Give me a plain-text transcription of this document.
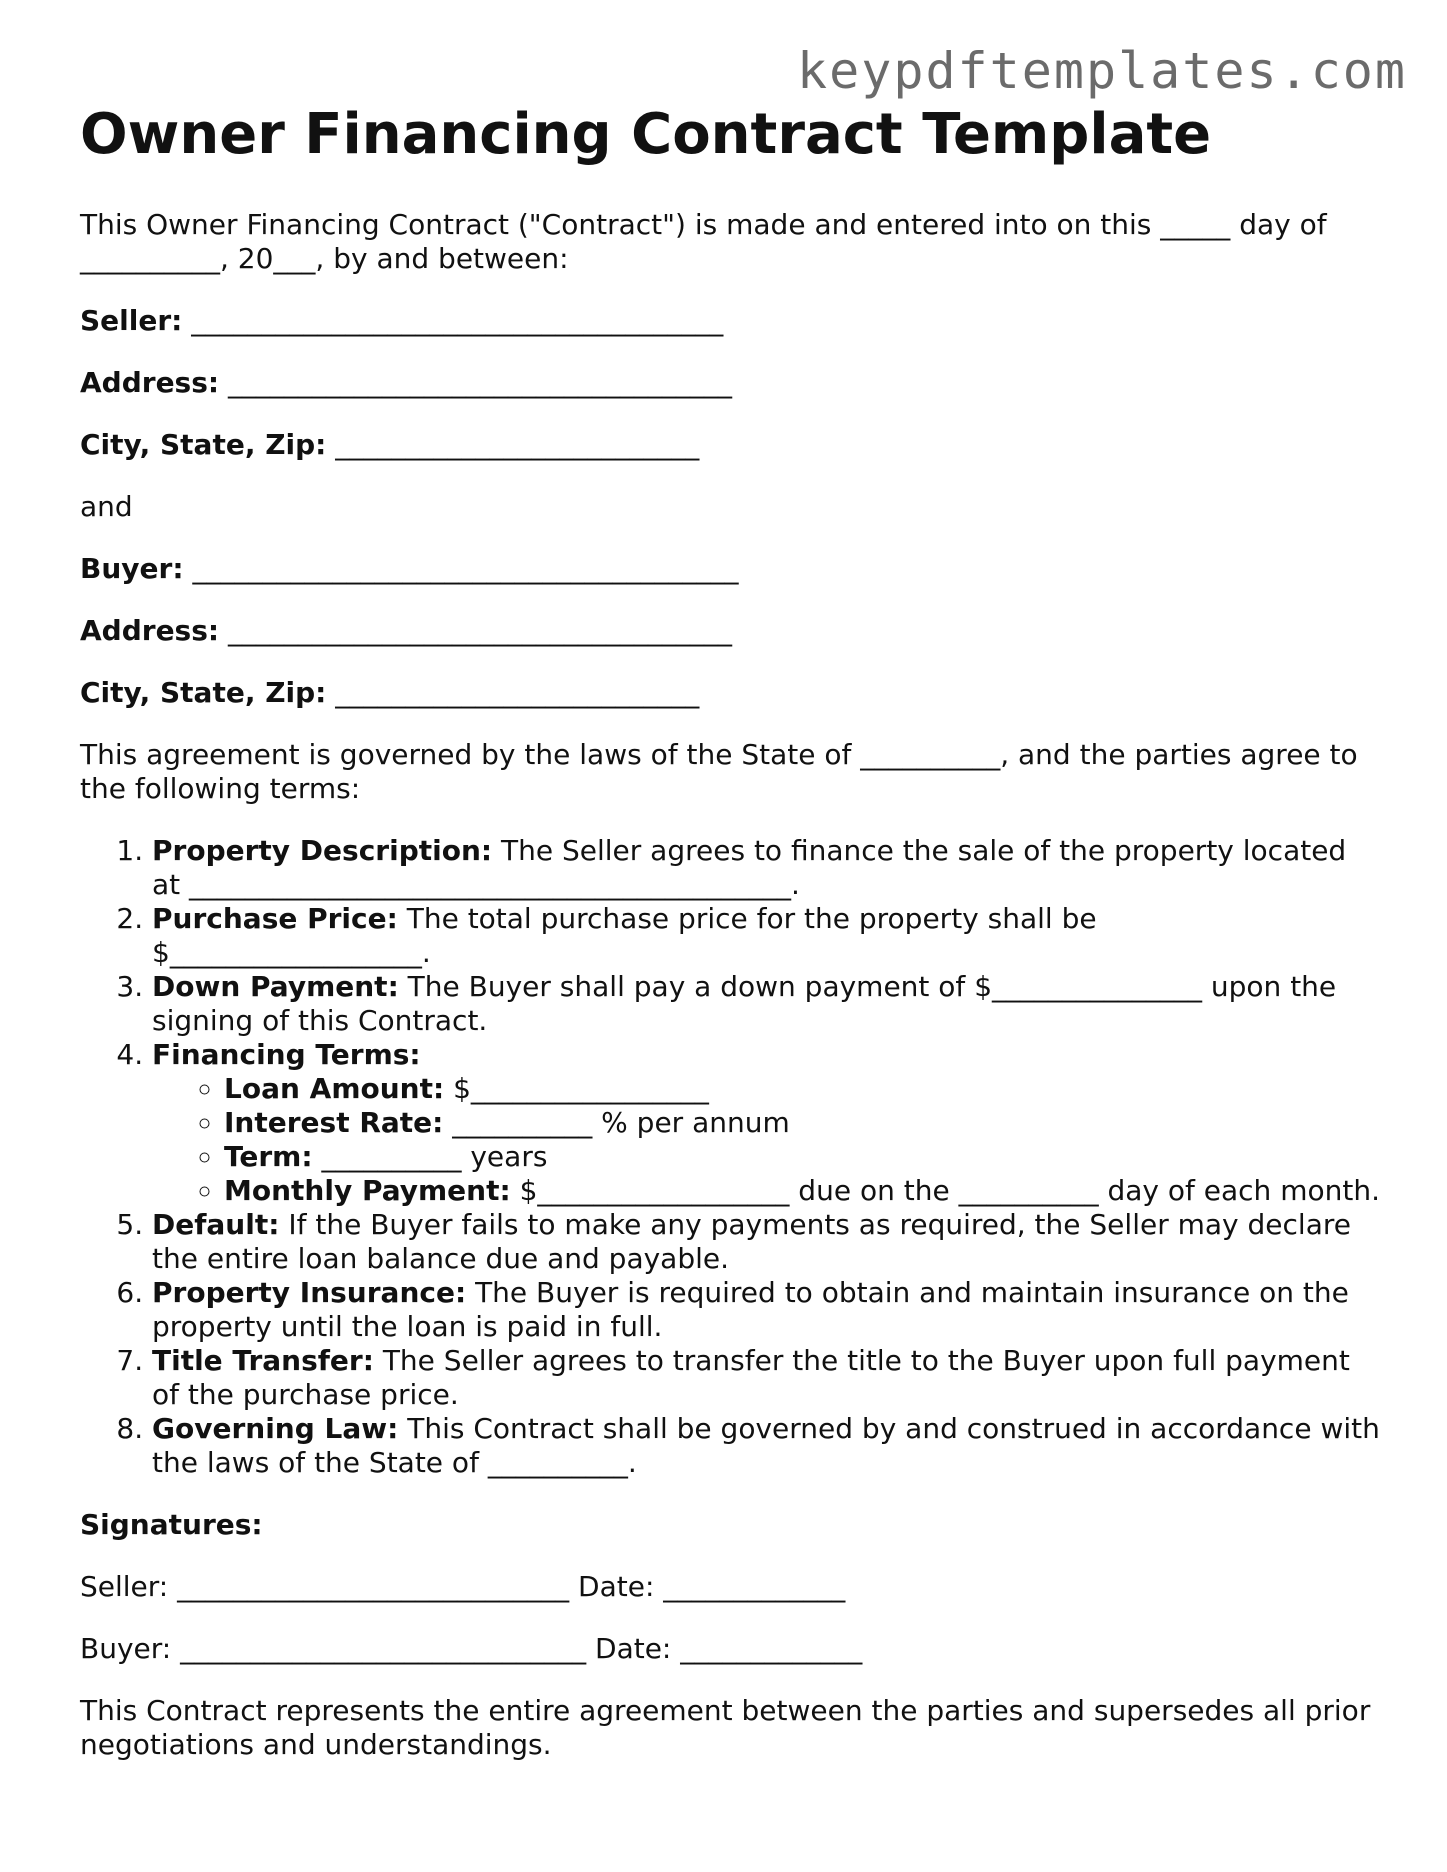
keypdftemplates.com
Owner Financing Contract Template

This Owner Financing Contract ("Contract") is made and entered into on this _____ day of __________, 20___, by and between:

Seller: ______________________________________

Address: ____________________________________

City, State, Zip: __________________________

and

Buyer: _______________________________________

Address: ____________________________________

City, State, Zip: __________________________

This agreement is governed by the laws of the State of __________, and the parties agree to the following terms:

1. Property Description: The Seller agrees to finance the sale of the property located at ___________________________________________.
2. Purchase Price: The total purchase price for the property shall be $__________________.
3. Down Payment: The Buyer shall pay a down payment of $_______________ upon the signing of this Contract.
4. Financing Terms:
◦ Loan Amount: $_________________
◦ Interest Rate: __________ % per annum
◦ Term: __________ years
◦ Monthly Payment: $__________________ due on the __________ day of each month.
5. Default: If the Buyer fails to make any payments as required, the Seller may declare the entire loan balance due and payable.
6. Property Insurance: The Buyer is required to obtain and maintain insurance on the property until the loan is paid in full.
7. Title Transfer: The Seller agrees to transfer the title to the Buyer upon full payment of the purchase price.
8. Governing Law: This Contract shall be governed by and construed in accordance with the laws of the State of __________.

Signatures:

Seller: ____________________________ Date: _____________

Buyer: _____________________________ Date: _____________

This Contract represents the entire agreement between the parties and supersedes all prior negotiations and understandings.
